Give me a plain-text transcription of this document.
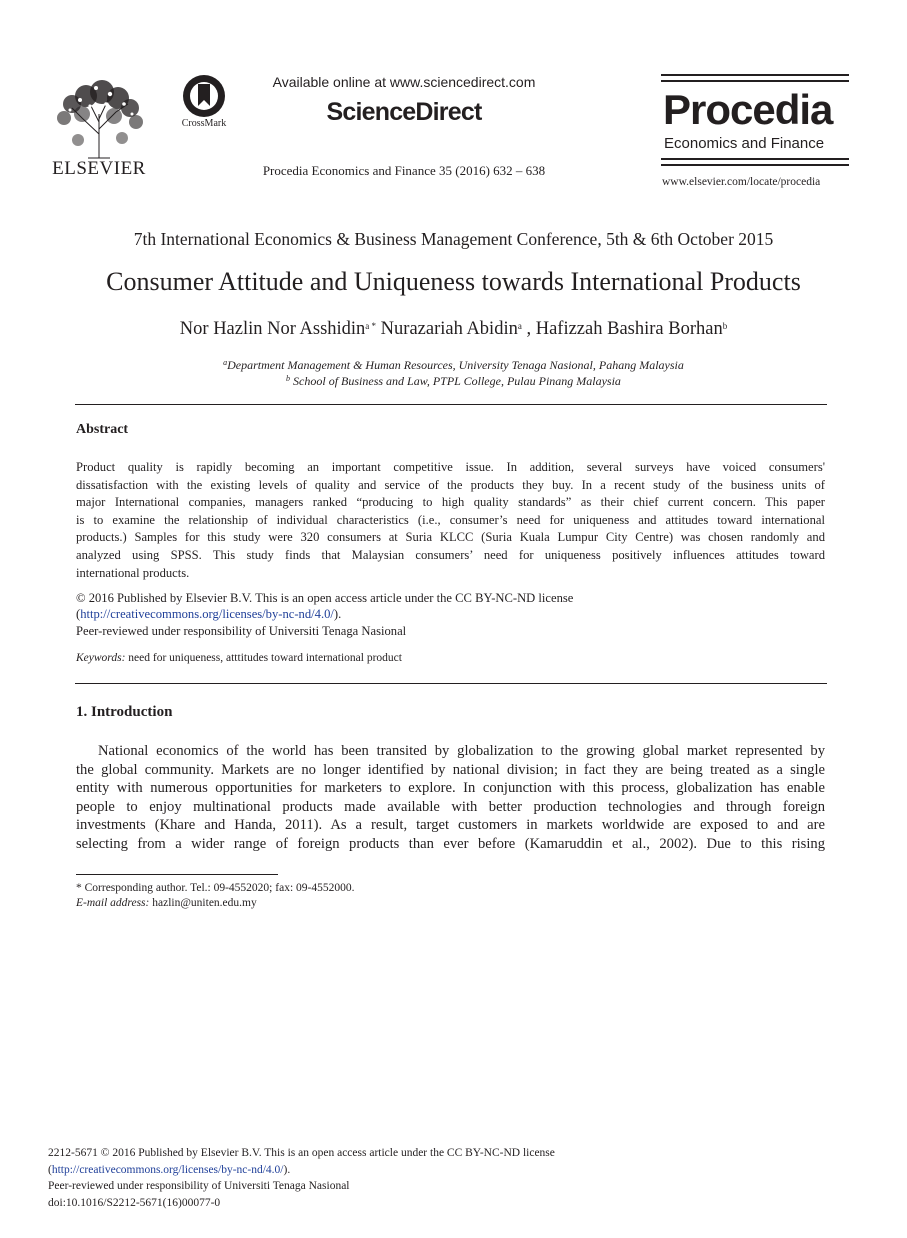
ELSEVIER
CrossMark
Available online at www.sciencedirect.com
ScienceDirect
Procedia Economics and Finance 35 (2016) 632 – 638
Procedia
Economics and Finance
www.elsevier.com/locate/procedia
7th International Economics & Business Management Conference, 5th & 6th October 2015
Consumer Attitude and Uniqueness towards International Products
Nor Hazlin Nor Asshidin$^{a *}$ Nurazariah Abidin$^a$ , Hafizzah Bashira Borhan$^b$
$^a$Department Management & Human Resources, University Tenaga Nasional, Pahang Malaysia
$^b$ School of Business and Law, PTPL College, Pulau Pinang Malaysia
Abstract
Product quality is rapidly becoming an important competitive issue. In addition, several surveys have voiced consumers'
dissatisfaction with the existing levels of quality and service of the products they buy. In a recent study of the business units of
major International companies, managers ranked “producing to high quality standards” as their chief current concern. This paper
is to examine the relationship of individual characteristics (i.e., consumer’s need for uniqueness and attitudes toward international
products.) Samples for this study were 320 consumers at Suria KLCC (Suria Kuala Lumpur City Centre) was chosen randomly and
analyzed using SPSS. This study finds that Malaysian consumers’ need for uniqueness positively influences attitudes toward
international products.
© 2016 Published by Elsevier B.V. This is an open access article under the CC BY-NC-ND license
(http://creativecommons.org/licenses/by-nc-nd/4.0/).
Peer-reviewed under responsibility of Universiti Tenaga Nasional
Keywords: need for uniqueness, atttitudes toward international product
1. Introduction
National economics of the world has been transited by globalization to the growing global market represented by
the global community. Markets are no longer identified by national division; in fact they are being treated as a single
entity with numerous opportunities for marketers to explore. In conjunction with this process, globalization has enable
people to enjoy multinational products made available with better production technologies and through foreign
investments (Khare and Handa, 2011). As a result, target customers in markets worldwide are exposed to and are
selecting from a wider range of foreign products than ever before (Kamaruddin et al., 2002). Due to this rising
* Corresponding author. Tel.: 09-4552020; fax: 09-4552000.
E-mail address: hazlin@uniten.edu.my
2212-5671 © 2016 Published by Elsevier B.V. This is an open access article under the CC BY-NC-ND license
(http://creativecommons.org/licenses/by-nc-nd/4.0/).
Peer-reviewed under responsibility of Universiti Tenaga Nasional
doi:10.1016/S2212-5671(16)00077-0
